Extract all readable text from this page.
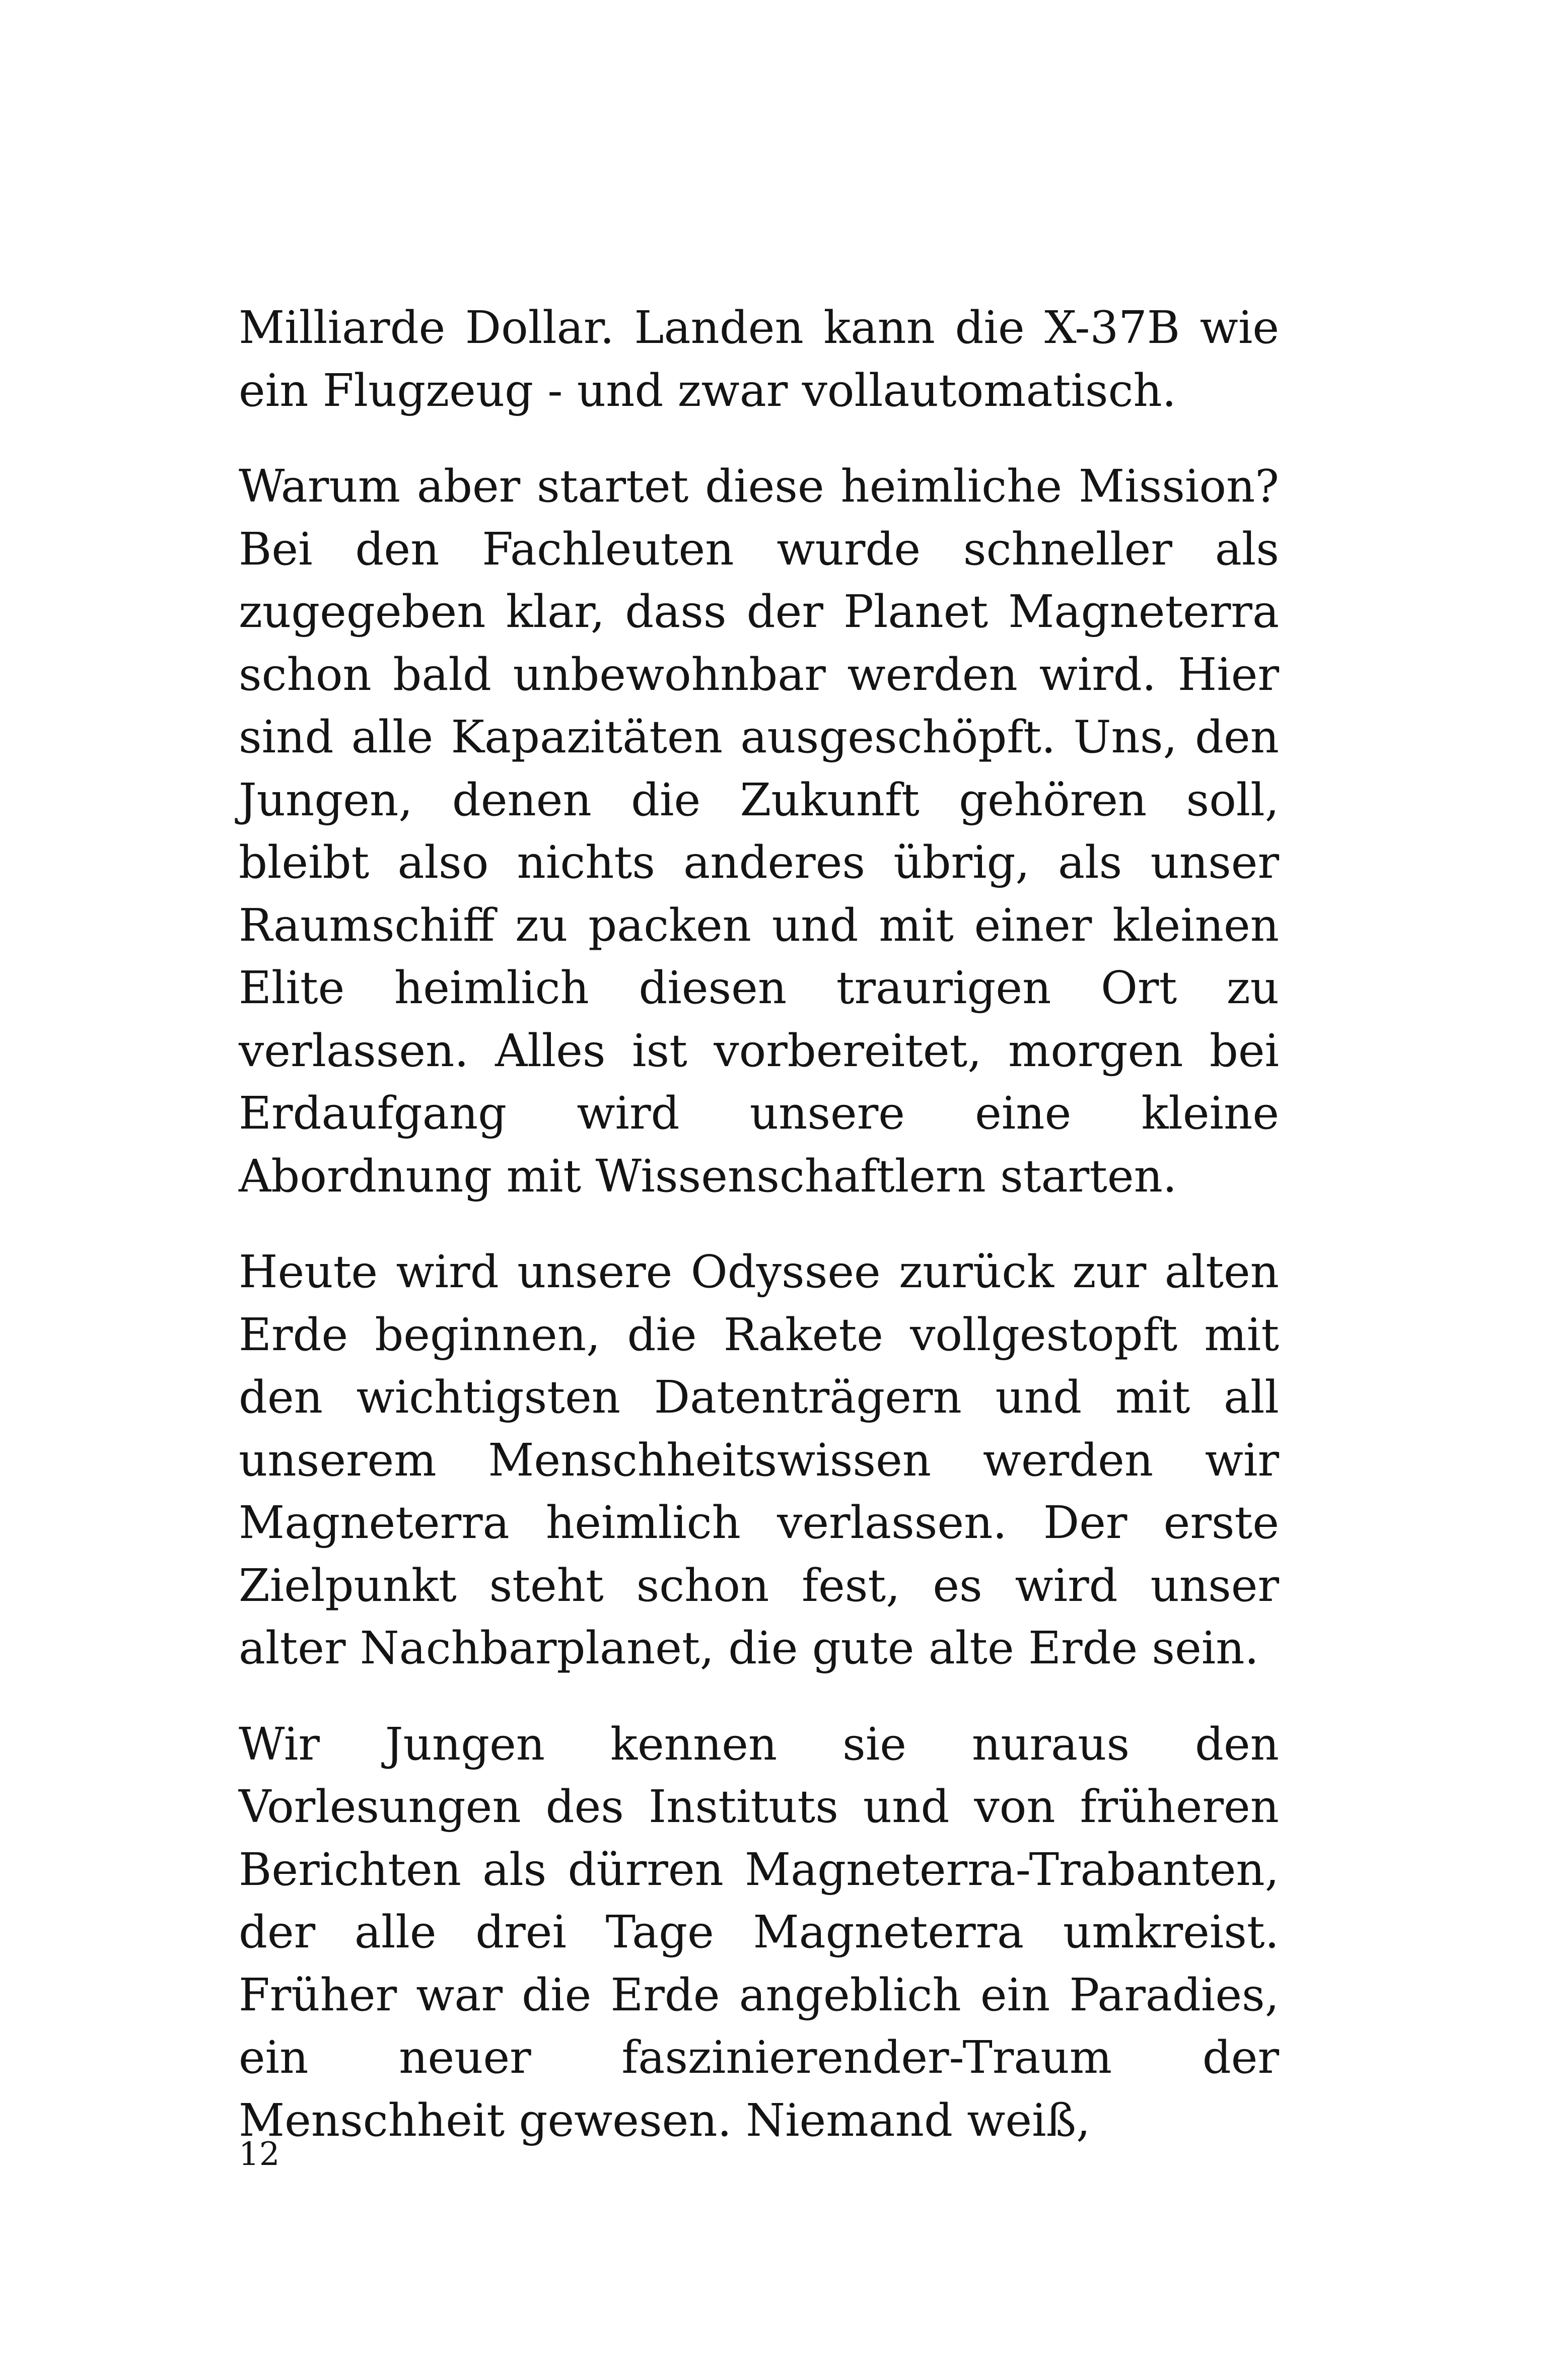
Milliarde Dollar. Landen kann die X-37B wie ein Flugzeug - und zwar vollautomatisch.

Warum aber startet diese heimliche Mission? Bei den Fachleuten wurde schneller als zugegeben klar, dass der Planet Magneterra schon bald unbewohnbar werden wird. Hier sind alle Kapazitäten ausgeschöpft. Uns, den Jungen, denen die Zukunft gehören soll, bleibt also nichts anderes übrig, als unser Raumschiff zu packen und mit einer kleinen Elite heimlich diesen traurigen Ort zu verlassen. Alles ist vorbereitet, morgen bei Erdaufgang wird unsere eine kleine Abordnung mit Wissenschaftlern starten.

Heute wird unsere Odyssee zurück zur alten Erde beginnen, die Rakete vollgestopft mit den wichtigsten Datenträgern und mit all unserem Menschheitswissen werden wir Magneterra heimlich verlassen. Der erste Zielpunkt steht schon fest, es wird unser alter Nachbarplanet, die gute alte Erde sein.

Wir Jungen kennen sie nuraus den Vorlesungen des Instituts und von früheren Berichten als dürren Magneterra-Trabanten, der alle drei Tage Magneterra umkreist. Früher war die Erde angeblich ein Paradies, ein neuer faszinierender-Traum der Menschheit gewesen. Niemand weiß,

12
